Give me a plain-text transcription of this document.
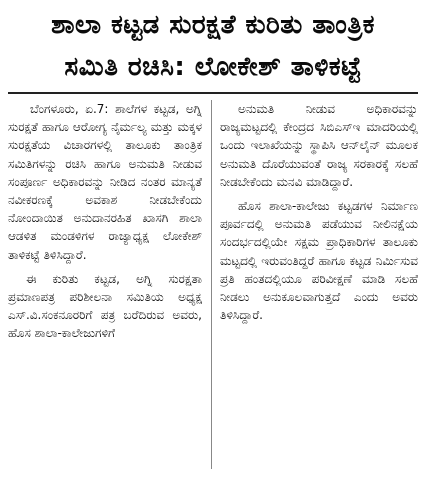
ಶಾಲಾ ಕಟ್ಟಡ ಸುರಕ್ಷತೆ ಕುರಿತು ತಾಂತ್ರಿಕ
ಸಮಿತಿ ರಚಿಸಿ: ಲೋಕೇಶ್ ತಾಳಿಕಟ್ಟೆ

ಬೆಂಗಳೂರು, ಏ.7: ಶಾಲೆಗಳ ಕಟ್ಟಡ, ಅಗ್ನಿ ಸುರಕ್ಷತೆ ಹಾಗೂ ಆರೋಗ್ಯ ನೈರ್ಮಲ್ಯ ಮತ್ತು ಮಕ್ಕಳ ಸುರಕ್ಷತೆಯ ವಿಚಾರಗಳಲ್ಲಿ ತಾಲೂಕು ತಾಂತ್ರಿಕ ಸಮಿತಿಗಳನ್ನು ರಚಿಸಿ ಹಾಗೂ ಅನುಮತಿ ನೀಡುವ ಸಂಪೂರ್ಣ ಅಧಿಕಾರವನ್ನು ನೀಡಿದ ನಂತರ ಮಾನ್ಯತೆ ನವೀಕರಣಕ್ಕೆ ಅವಕಾಶ ನೀಡಬೇಕೆಂದು ನೋಂದಾಯಿತ ಅನುದಾನರಹಿತ ಖಾಸಗಿ ಶಾಲಾ ಆಡಳಿತ ಮಂಡಳಿಗಳ ರಾಜ್ಯಾಧ್ಯಕ್ಷ ಲೋಕೇಶ್ ತಾಳಿಕಟ್ಟೆ ತಿಳಿಸಿದ್ದಾರೆ.

ಈ ಕುರಿತು ಕಟ್ಟಡ, ಅಗ್ನಿ ಸುರಕ್ಷತಾ ಪ್ರಮಾಣಪತ್ರ ಪರಿಶೀಲನಾ ಸಮಿತಿಯ ಅಧ್ಯಕ್ಷ ಎಸ್.ವಿ.ಸಂಕನೂರರಿಗೆ ಪತ್ರ ಬರೆದಿರುವ ಅವರು, ಹೊಸ ಶಾಲಾ-ಕಾಲೇಜುಗಳಿಗೆ

ಅನುಮತಿ ನೀಡುವ ಅಧಿಕಾರವನ್ನು ರಾಜ್ಯಮಟ್ಟದಲ್ಲಿ ಕೇಂದ್ರದ ಸಿಬಿಎಸ್ಇ ಮಾದರಿಯಲ್ಲಿ ಒಂದು ಇಲಾಖೆಯನ್ನು ಸ್ಥಾಪಿಸಿ ಆನ್‌ಲೈನ್ ಮೂಲಕ ಅನುಮತಿ ದೊರೆಯುವಂತೆ ರಾಜ್ಯ ಸರಕಾರಕ್ಕೆ ಸಲಹೆ ನೀಡಬೇಕೆಂದು ಮನವಿ ಮಾಡಿದ್ದಾರೆ.

ಹೊಸ ಶಾಲಾ-ಕಾಲೇಜು ಕಟ್ಟಡಗಳ ನಿರ್ಮಾಣ ಪೂರ್ವದಲ್ಲಿ ಅನುಮತಿ ಪಡೆಯುವ ನೀಲಿನಕ್ಷೆಯ ಸಂದರ್ಭದಲ್ಲಿಯೇ ಸಕ್ಷಮ ಪ್ರಾಧಿಕಾರಿಗಳ ತಾಲೂಕು ಮಟ್ಟದಲ್ಲಿ ಇರುವಂತಿದ್ದರೆ ಹಾಗೂ ಕಟ್ಟಡ ನಿರ್ಮಿಸುವ ಪ್ರತಿ ಹಂತದಲ್ಲಿಯೂ ಪರಿವೀಕ್ಷಣೆ ಮಾಡಿ ಸಲಹೆ ನೀಡಲು ಅನುಕೂಲವಾಗುತ್ತದೆ ಎಂದು ಅವರು ತಿಳಿಸಿದ್ದಾರೆ.
